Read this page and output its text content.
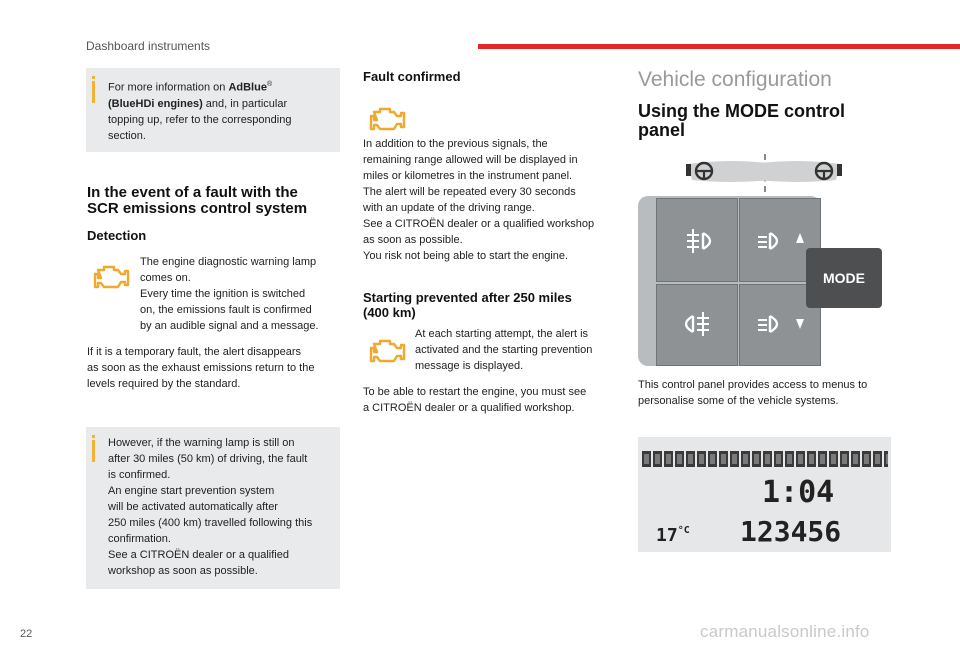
Dashboard instruments
For more information on AdBlue®
(BlueHDi engines) and, in particular
topping up, refer to the corresponding
section.
In the event of a fault with the
SCR emissions control system
Detection
The engine diagnostic warning lamp
comes on.
Every time the ignition is switched
on, the emissions fault is confirmed
by an audible signal and a message.
If it is a temporary fault, the alert disappears
as soon as the exhaust emissions return to the
levels required by the standard.
However, if the warning lamp is still on
after 30 miles (50 km) of driving, the fault
is confirmed.
An engine start prevention system
will be activated automatically after
250 miles (400 km) travelled following this
confirmation.
See a CITROËN dealer or a qualified
workshop as soon as possible.
Fault confirmed
In addition to the previous signals, the
remaining range allowed will be displayed in
miles or kilometres in the instrument panel.
The alert will be repeated every 30 seconds
with an update of the driving range.
See a CITROËN dealer or a qualified workshop
as soon as possible.
You risk not being able to start the engine.
Starting prevented after 250 miles
(400 km)
At each starting attempt, the alert is
activated and the starting prevention
message is displayed.
To be able to restart the engine, you must see
a CITROËN dealer or a qualified workshop.
Vehicle configuration
Using the MODE control
panel
MODE
This control panel provides access to menus to
personalise some of the vehicle systems.
1:04
$17^{^\circ C}$ 123456
22	carmanualsonline.info
